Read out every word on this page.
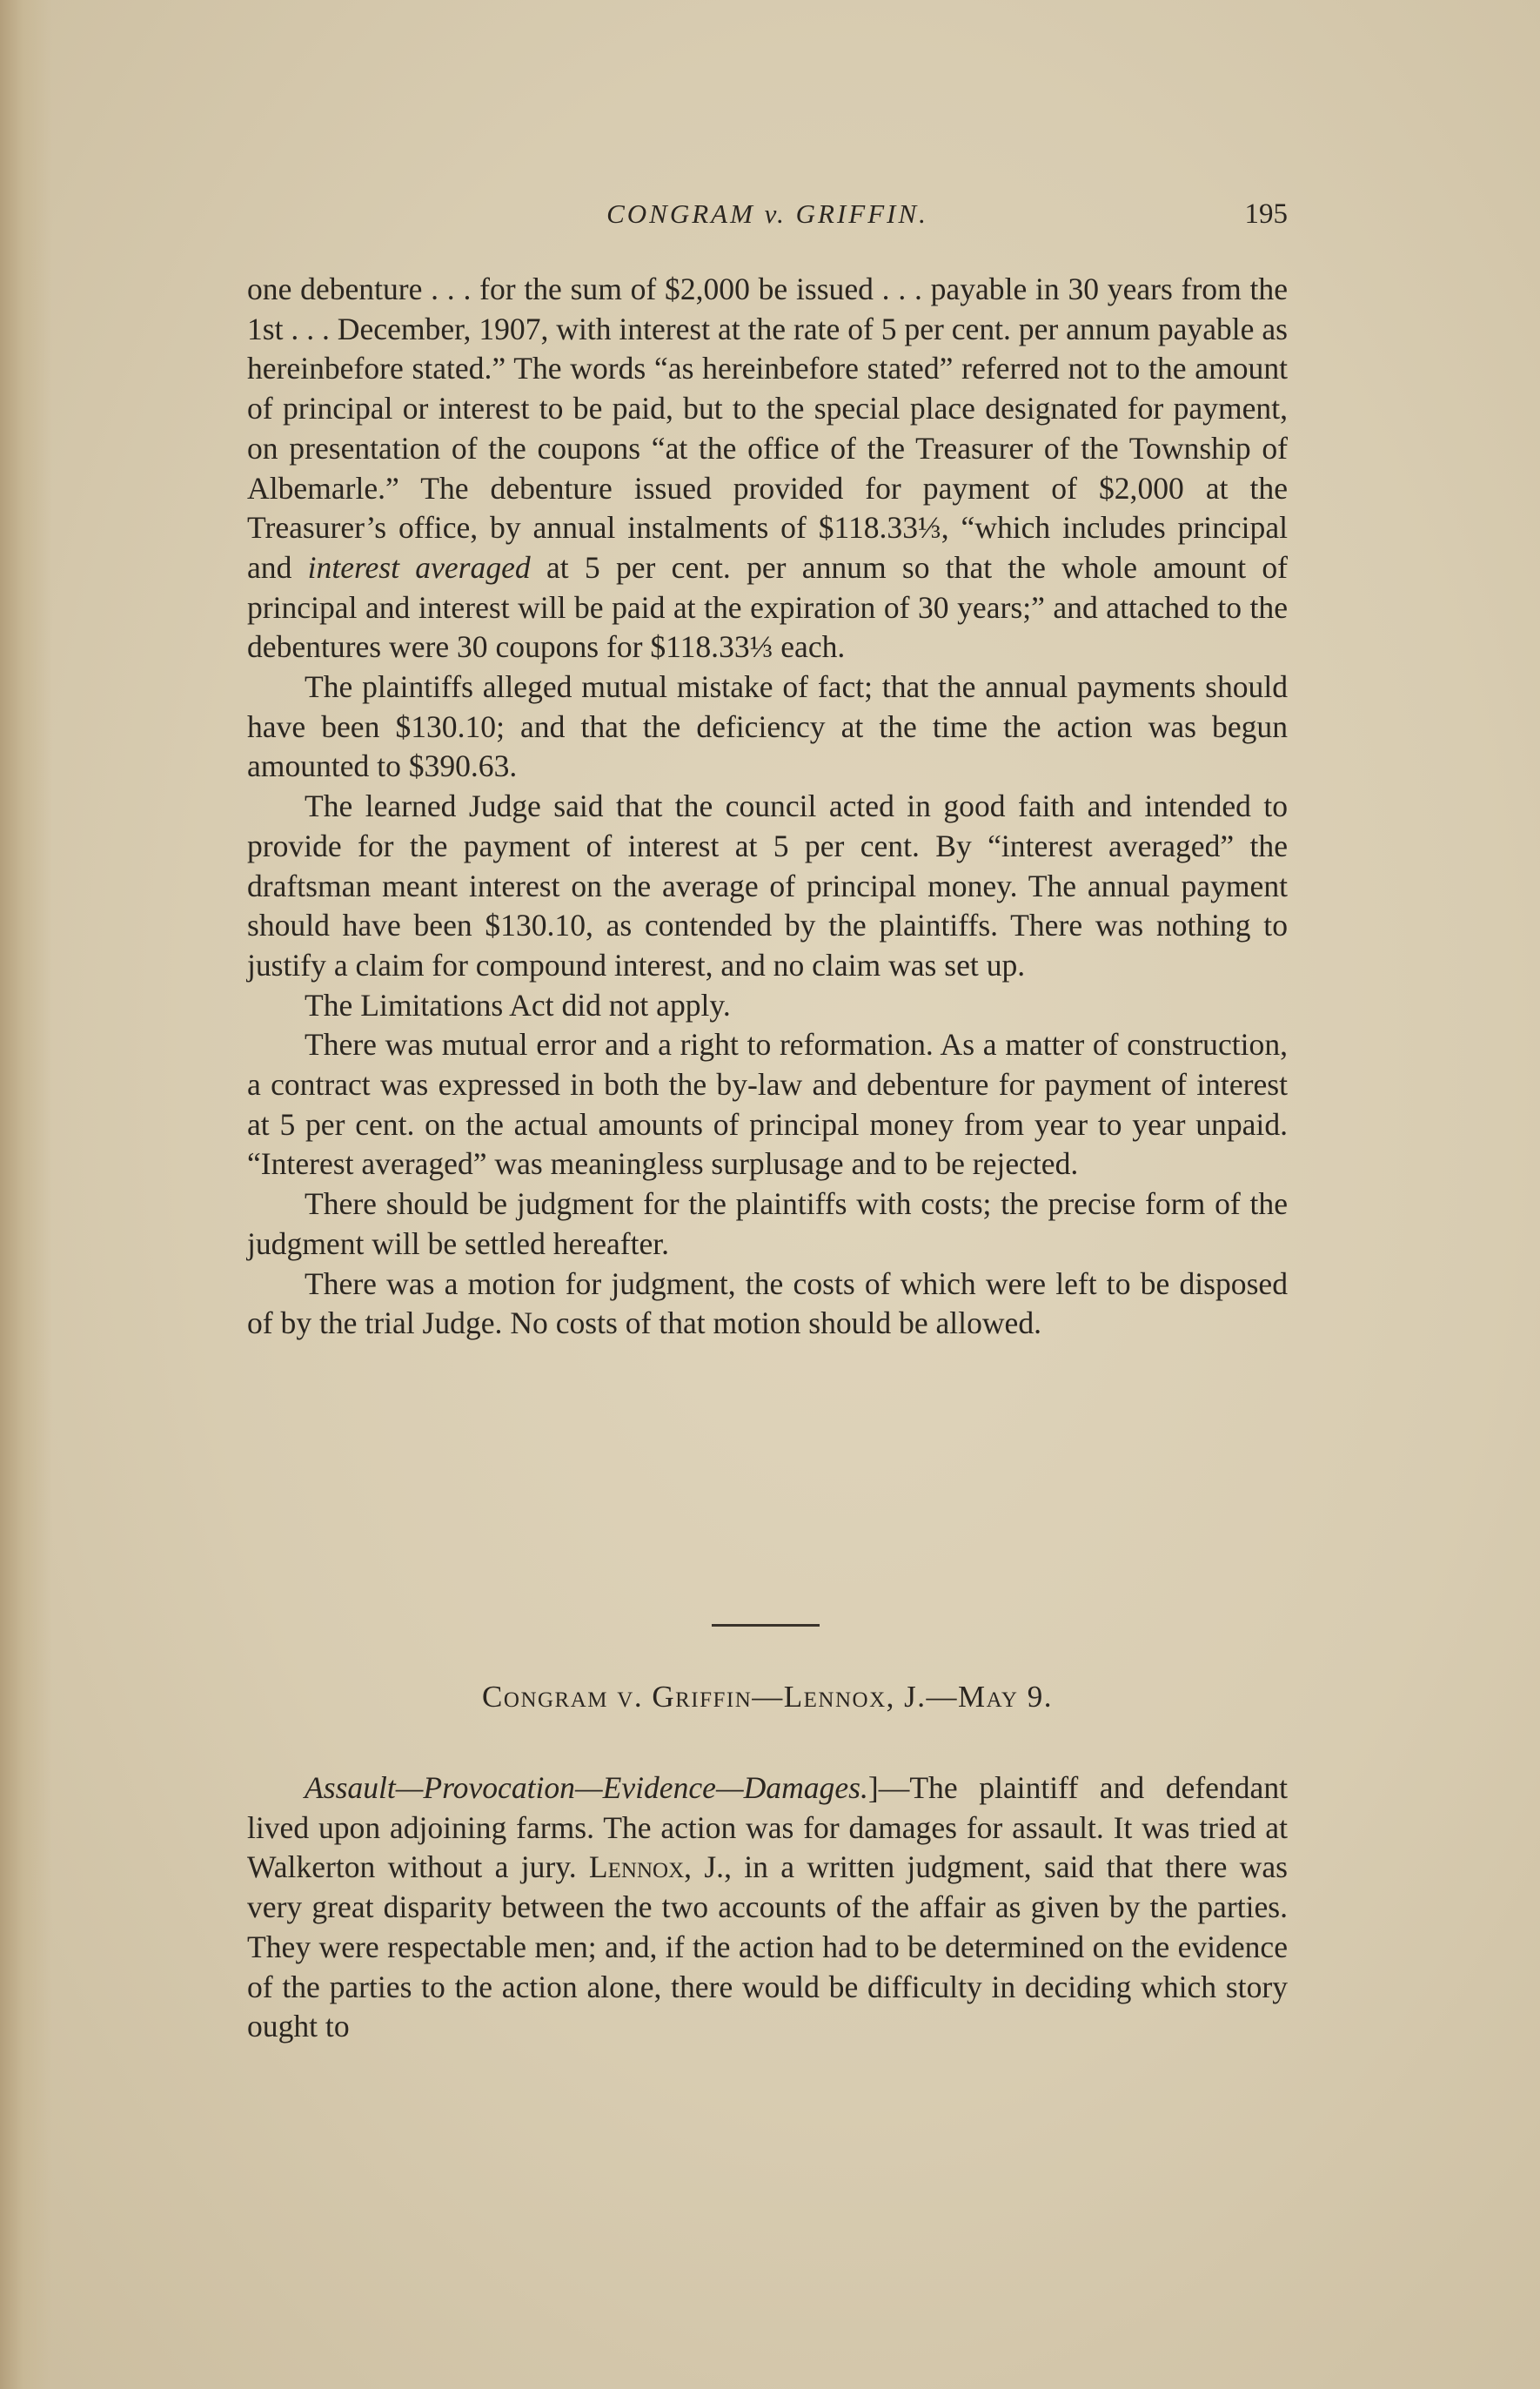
CONGRAM v. GRIFFIN.	195

one debenture . . . for the sum of $2,000 be issued . . . payable in 30 years from the 1st . . . December, 1907, with interest at the rate of 5 per cent. per annum payable as hereinbefore stated.” The words “as hereinbefore stated” referred not to the amount of principal or interest to be paid, but to the special place designated for payment, on presentation of the coupons “at the office of the Treasurer of the Township of Albemarle.” The debenture issued provided for payment of $2,000 at the Treasurer’s office, by annual instalments of $118.33⅓, “which includes principal and interest averaged at 5 per cent. per annum so that the whole amount of principal and interest will be paid at the expiration of 30 years;” and attached to the debentures were 30 coupons for $118.33⅓ each.

The plaintiffs alleged mutual mistake of fact; that the annual payments should have been $130.10; and that the deficiency at the time the action was begun amounted to $390.63.

The learned Judge said that the council acted in good faith and intended to provide for the payment of interest at 5 per cent. By “interest averaged” the draftsman meant interest on the average of principal money. The annual payment should have been $130.10, as contended by the plaintiffs. There was nothing to justify a claim for compound interest, and no claim was set up.

The Limitations Act did not apply.

There was mutual error and a right to reformation. As a matter of construction, a contract was expressed in both the by-law and debenture for payment of interest at 5 per cent. on the actual amounts of principal money from year to year unpaid. “Interest averaged” was meaningless surplusage and to be rejected.

There should be judgment for the plaintiffs with costs; the precise form of the judgment will be settled hereafter.

There was a motion for judgment, the costs of which were left to be disposed of by the trial Judge. No costs of that motion should be allowed.

Congram v. Griffin—Lennox, J.—May 9.

Assault—Provocation—Evidence—Damages.]—The plaintiff and defendant lived upon adjoining farms. The action was for damages for assault. It was tried at Walkerton without a jury. Lennox, J., in a written judgment, said that there was very great disparity between the two accounts of the affair as given by the parties. They were respectable men; and, if the action had to be determined on the evidence of the parties to the action alone, there would be difficulty in deciding which story ought to
